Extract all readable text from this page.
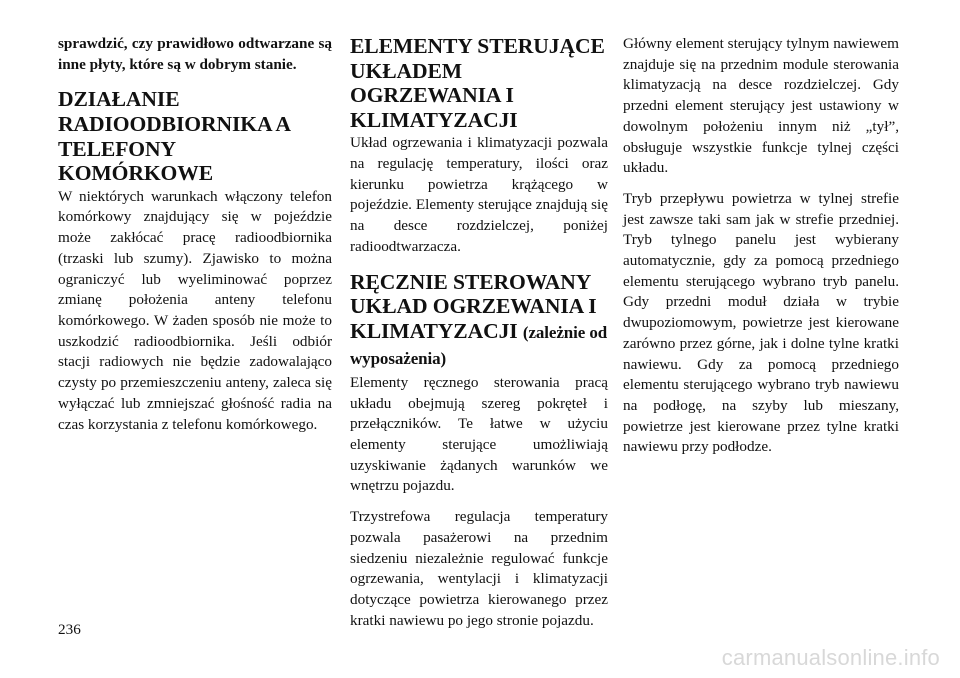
sprawdzić, czy prawidłowo odtwarzane są inne płyty, które są w dobrym stanie.

DZIAŁANIE RADIOODBIORNIKA A TELEFONY KOMÓRKOWE

W niektórych warunkach włączony telefon komórkowy znajdujący się w pojeździe może zakłócać pracę radioodbiornika (trzaski lub szumy). Zjawisko to można ograniczyć lub wyeliminować poprzez zmianę położenia anteny telefonu komórkowego. W żaden sposób nie może to uszkodzić radioodbiornika. Jeśli odbiór stacji radiowych nie będzie zadowalająco czysty po przemieszczeniu anteny, zaleca się wyłączać lub zmniejszać głośność radia na czas korzystania z telefonu komórkowego.

ELEMENTY STERUJĄCE UKŁADEM OGRZEWANIA I KLIMATYZACJI

Układ ogrzewania i klimatyzacji pozwala na regulację temperatury, ilości oraz kierunku powietrza krążącego w pojeździe. Elementy sterujące znajdują się na desce rozdzielczej, poniżej radioodtwarzacza.

RĘCZNIE STEROWANY UKŁAD OGRZEWANIA I KLIMATYZACJI (zależnie od wyposażenia)

Elementy ręcznego sterowania pracą układu obejmują szereg pokręteł i przełączników. Te łatwe w użyciu elementy sterujące umożliwiają uzyskiwanie żądanych warunków we wnętrzu pojazdu.

Trzystrefowa regulacja temperatury pozwala pasażerowi na przednim siedzeniu niezależnie regulować funkcje ogrzewania, wentylacji i klimatyzacji dotyczące powietrza kierowanego przez kratki nawiewu po jego stronie pojazdu.

Główny element sterujący tylnym nawiewem znajduje się na przednim module sterowania klimatyzacją na desce rozdzielczej. Gdy przedni element sterujący jest ustawiony w dowolnym położeniu innym niż „tył”, obsługuje wszystkie funkcje tylnej części układu.

Tryb przepływu powietrza w tylnej strefie jest zawsze taki sam jak w strefie przedniej. Tryb tylnego panelu jest wybierany automatycznie, gdy za pomocą przedniego elementu sterującego wybrano tryb panelu. Gdy przedni moduł działa w trybie dwupoziomowym, powietrze jest kierowane zarówno przez górne, jak i dolne tylne kratki nawiewu. Gdy za pomocą przedniego elementu sterującego wybrano tryb nawiewu na podłogę, na szyby lub mieszany, powietrze jest kierowane przez tylne kratki nawiewu przy podłodze.

236
carmanualsonline.info
